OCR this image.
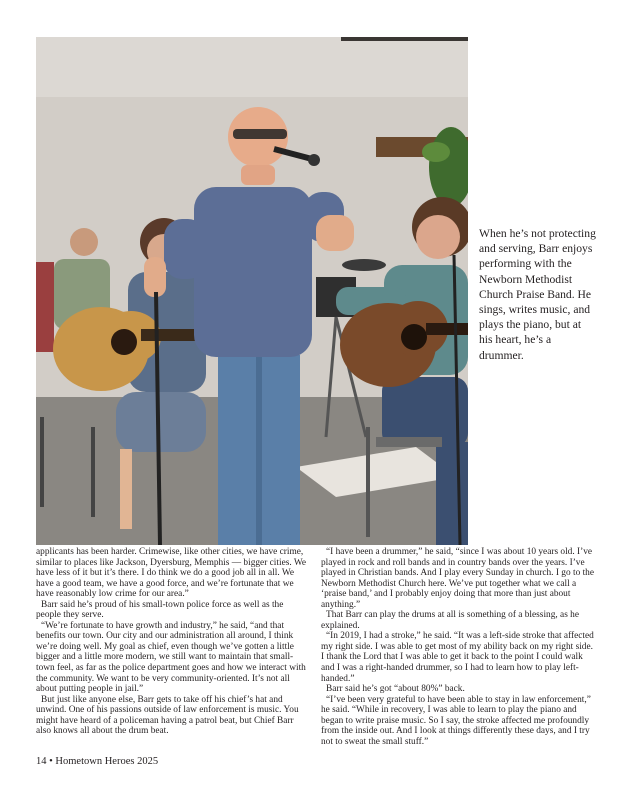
When he’s not protecting and serving, Barr enjoys performing with the Newborn Methodist Church Praise Band. He sings, writes music, and plays the piano, but at his heart, he’s a drummer.

applicants has been harder. Crimewise, like other cities, we have crime, similar to places like Jackson, Dyersburg, Memphis — bigger cities. We have less of it but it’s there. I do think we do a good job all in all. We have a good team, we have a good force, and we’re fortunate that we have reasonably low crime for our area.”

Barr said he’s proud of his small-town police force as well as the people they serve.

“We’re fortunate to have growth and industry,” he said, “and that benefits our town. Our city and our administration all around, I think we’re doing well. My goal as chief, even though we’ve gotten a little bigger and a little more modern, we still want to maintain that small-town feel, as far as the police department goes and how we interact with the community. We want to be very community-oriented. It’s not all about putting people in jail.”

But just like anyone else, Barr gets to take off his chief’s hat and unwind. One of his passions outside of law enforcement is music. You might have heard of a policeman having a patrol beat, but Chief Barr also knows all about the drum beat.

“I have been a drummer,” he said, “since I was about 10 years old. I’ve played in rock and roll bands and in country bands over the years. I’ve played in Christian bands. And I play every Sunday in church. I go to the Newborn Methodist Church here. We’ve put together what we call a ‘praise band,’ and I probably enjoy doing that more than just about anything.”

That Barr can play the drums at all is something of a blessing, as he explained.

“In 2019, I had a stroke,” he said. “It was a left-side stroke that affected my right side. I was able to get most of my ability back on my right side. I thank the Lord that I was able to get it back to the point I could walk and I was a right-handed drummer, so I had to learn how to play left-handed.”

Barr said he’s got “about 80%” back.

“I’ve been very grateful to have been able to stay in law enforcement,” he said. “While in recovery, I was able to learn to play the piano and began to write praise music. So I say, the stroke affected me profoundly from the inside out. And I look at things differently these days, and I try not to sweat the small stuff.”

14 • Hometown Heroes 2025
